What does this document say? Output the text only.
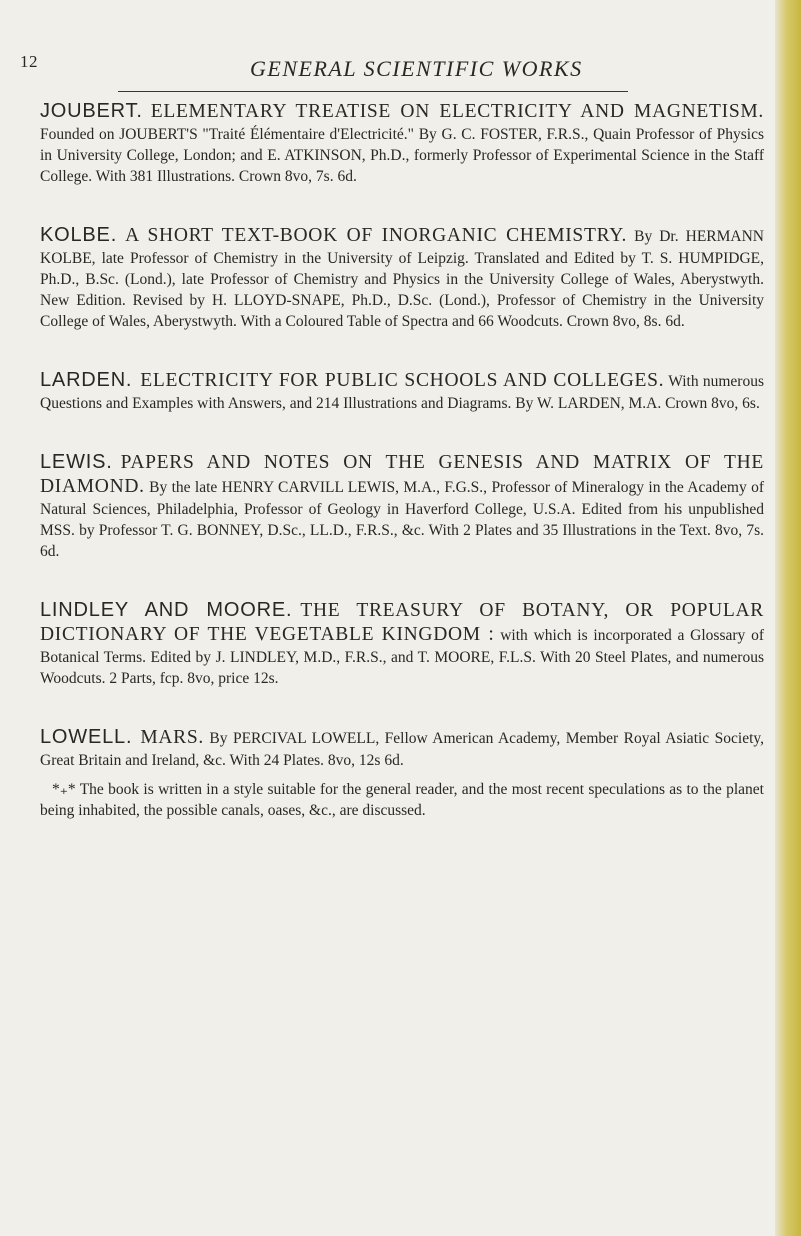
12	GENERAL SCIENTIFIC WORKS

JOUBERT. ELEMENTARY TREATISE ON ELECTRICITY AND MAGNETISM. Founded on JOUBERT'S "Traité Élémentaire d'Electricité." By G. C. FOSTER, F.R.S., Quain Professor of Physics in University College, London; and E. ATKINSON, Ph.D., formerly Professor of Experimental Science in the Staff College. With 381 Illustrations. Crown 8vo, 7s. 6d.

KOLBE. A SHORT TEXT-BOOK OF INORGANIC CHEMISTRY. By Dr. HERMANN KOLBE, late Professor of Chemistry in the University of Leipzig. Translated and Edited by T. S. HUMPIDGE, Ph.D., B.Sc. (Lond.), late Professor of Chemistry and Physics in the University College of Wales, Aberystwyth. New Edition. Revised by H. LLOYD-SNAPE, Ph.D., D.Sc. (Lond.), Professor of Chemistry in the University College of Wales, Aberystwyth. With a Coloured Table of Spectra and 66 Woodcuts. Crown 8vo, 8s. 6d.

LARDEN. ELECTRICITY FOR PUBLIC SCHOOLS AND COLLEGES. With numerous Questions and Examples with Answers, and 214 Illustrations and Diagrams. By W. LARDEN, M.A. Crown 8vo, 6s.

LEWIS. PAPERS AND NOTES ON THE GENESIS AND MATRIX OF THE DIAMOND. By the late HENRY CARVILL LEWIS, M.A., F.G.S., Professor of Mineralogy in the Academy of Natural Sciences, Philadelphia, Professor of Geology in Haverford College, U.S.A. Edited from his unpublished MSS. by Professor T. G. BONNEY, D.Sc., LL.D., F.R.S., &c. With 2 Plates and 35 Illustrations in the Text. 8vo, 7s. 6d.

LINDLEY AND MOORE. THE TREASURY OF BOTANY, OR POPULAR DICTIONARY OF THE VEGETABLE KINGDOM : with which is incorporated a Glossary of Botanical Terms. Edited by J. LINDLEY, M.D., F.R.S., and T. MOORE, F.L.S. With 20 Steel Plates, and numerous Woodcuts. 2 Parts, fcp. 8vo, price 12s.

LOWELL. MARS. By PERCIVAL LOWELL, Fellow American Academy, Member Royal Asiatic Society, Great Britain and Ireland, &c. With 24 Plates. 8vo, 12s 6d.
*₊* The book is written in a style suitable for the general reader, and the most recent speculations as to the planet being inhabited, the possible canals, oases, &c., are discussed.
